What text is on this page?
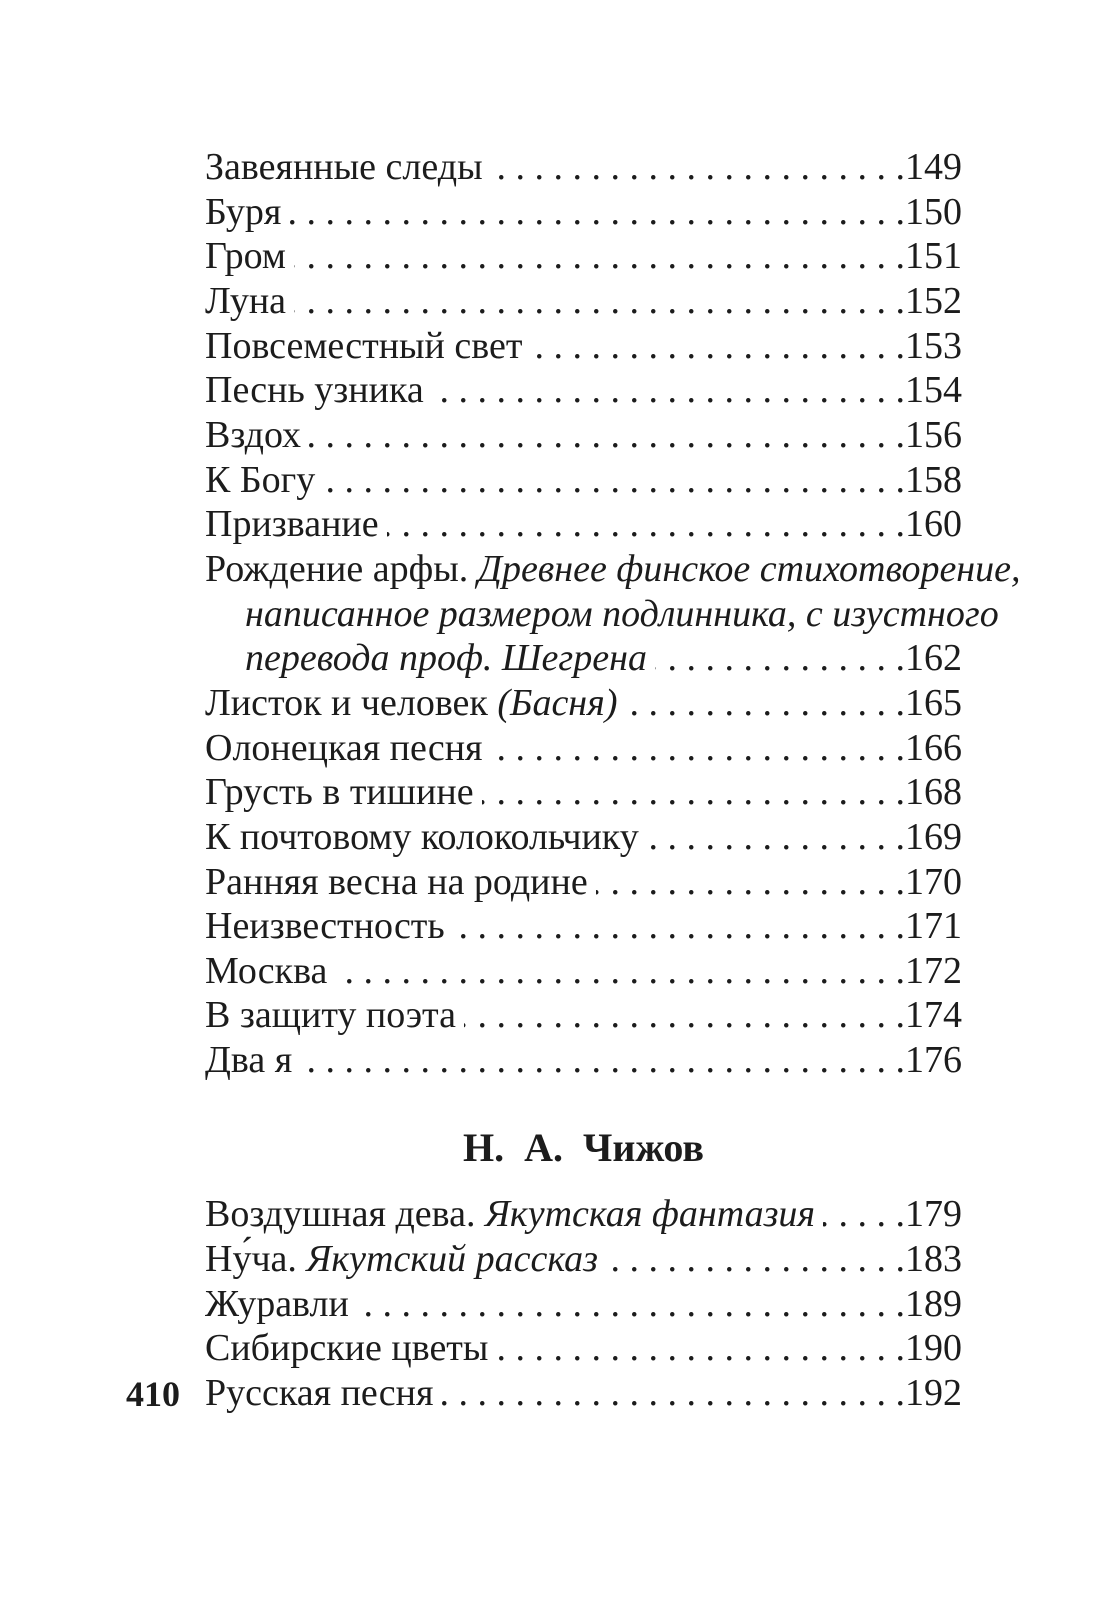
Завеянные следы . . .	149
Буря . . .	150
Гром . . .	151
Луна . . .	152
Повсеместный свет . . .	153
Песнь узника . . .	154
Вздох . . .	156
К Богу . . .	158
Призвание . . .	160
Рождение арфы. Древнее финское стихотворение,
написанное размером подлинника, с изустного
перевода проф. Шегрена . . .	162
Листок и человек (Басня) . . .	165
Олонецкая песня . . .	166
Грусть в тишине . . .	168
К почтовому колокольчику . . .	169
Ранняя весна на родине . . .	170
Неизвестность . . .	171
Москва . . .	172
В защиту поэта . . .	174
Два я . . .	176
Н. А. Чижов
Воздушная дева. Якутская фантазия . . . 179
Ну́ча. Якутский рассказ . . .	183
Журавли . . .	189
Сибирские цветы . . .	190
Русская песня . . .	192
410
